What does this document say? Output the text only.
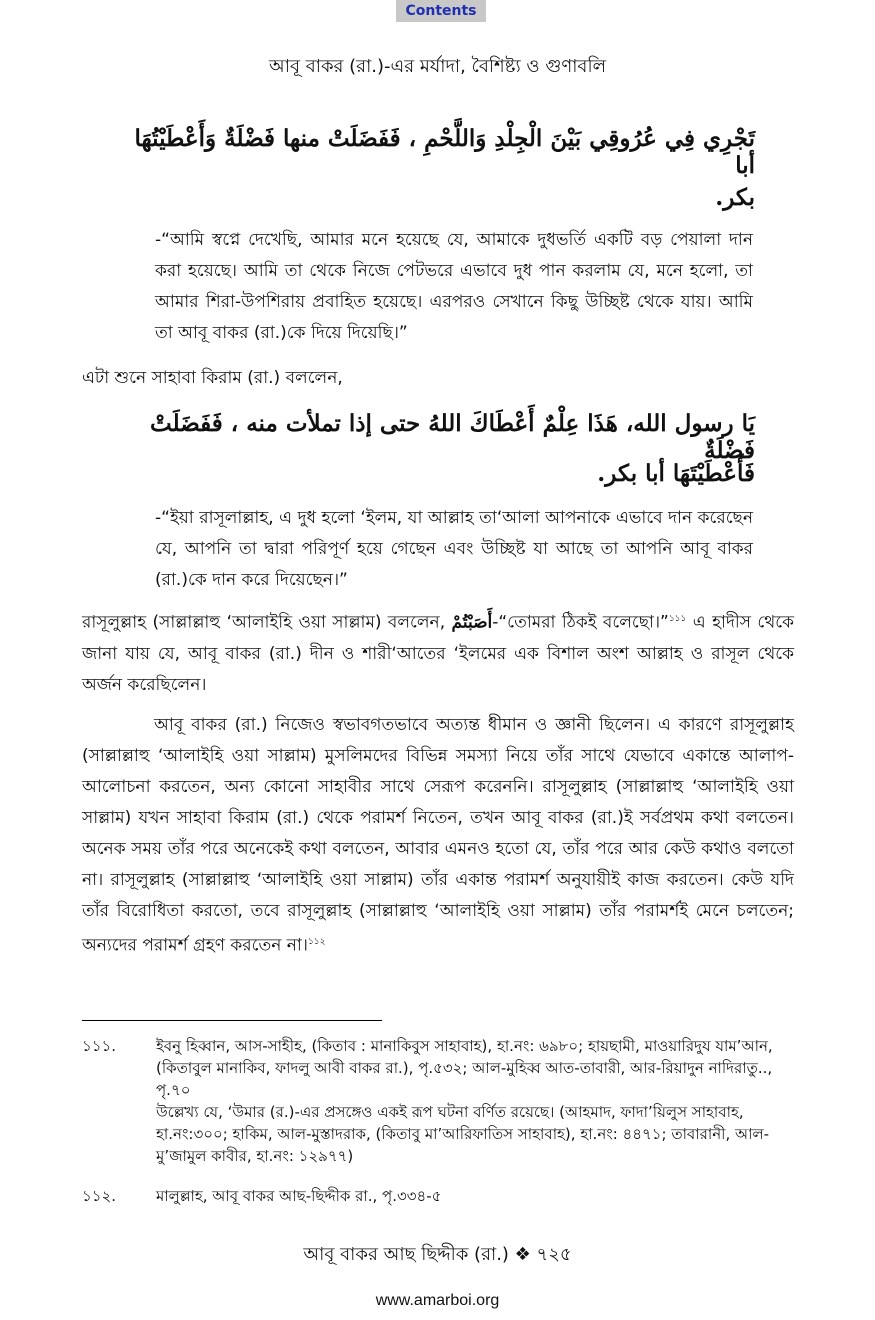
Contents
আবূ বাকর (রা.)-এর মর্যাদা, বৈশিষ্ট্য ও গুণাবলি
تَجْرِي فِي عُرُوقِي بَيْنَ الْجِلْدِ وَاللَّحْمِ ، فَفَضَلَتْ منها فَضْلَةٌ وَأَعْطَيْتُهَا أبا
بكر.

-“আমি স্বপ্নে দেখেছি, আমার মনে হয়েছে যে, আমাকে দুধভর্তি একটি বড় পেয়ালা দান করা হয়েছে। আমি তা থেকে নিজে পেটভরে এভাবে দুধ পান করলাম যে, মনে হলো, তা আমার শিরা-উপশিরায় প্রবাহিত হয়েছে। এরপরও সেখানে কিছু উচ্ছিষ্ট থেকে যায়। আমি তা আবূ বাকর (রা.)কে দিয়ে দিয়েছি।”

এটা শুনে সাহাবা কিরাম (রা.) বললেন,

يَا رسول الله، هَذَا عِلْمٌ أَعْطَاكَ اللهُ حتى إذا تملأت منه ، فَفَضَلَتْ فَضْلَةٌ
فَأَعْطَيْتَهَا أبا بكر.

-“ইয়া রাসূলাল্লাহ, এ দুধ হলো ‘ইলম, যা আল্লাহ তা‘আলা আপনাকে এভাবে দান করেছেন যে, আপনি তা দ্বারা পরিপূর্ণ হয়ে গেছেন এবং উচ্ছিষ্ট যা আছে তা আপনি আবূ বাকর (রা.)কে দান করে দিয়েছেন।”

রাসূলুল্লাহ (সাল্লাল্লাহু ‘আলাইহি ওয়া সাল্লাম) বললেন, أَصَبْتُمْ-“তোমরা ঠিকই বলেছো।”$^{১১১}$ এ হাদীস থেকে জানা যায় যে, আবূ বাকর (রা.) দীন ও শারী‘আতের ‘ইলমের এক বিশাল অংশ আল্লাহ ও রাসূল থেকে অর্জন করেছিলেন।

আবূ বাকর (রা.) নিজেও স্বভাবগতভাবে অত্যন্ত ধীমান ও জ্ঞানী ছিলেন। এ কারণে রাসূলুল্লাহ (সাল্লাল্লাহু ‘আলাইহি ওয়া সাল্লাম) মুসলিমদের বিভিন্ন সমস্যা নিয়ে তাঁর সাথে যেভাবে একান্তে আলাপ-আলোচনা করতেন, অন্য কোনো সাহাবীর সাথে সেরূপ করেননি। রাসূলুল্লাহ (সাল্লাল্লাহু ‘আলাইহি ওয়া সাল্লাম) যখন সাহাবা কিরাম (রা.) থেকে পরামর্শ নিতেন, তখন আবূ বাকর (রা.)ই সর্বপ্রথম কথা বলতেন। অনেক সময় তাঁর পরে অনেকেই কথা বলতেন, আবার এমনও হতো যে, তাঁর পরে আর কেউ কথাও বলতো না। রাসূলুল্লাহ (সাল্লাল্লাহু ‘আলাইহি ওয়া সাল্লাম) তাঁর একান্ত পরামর্শ অনুযায়ীই কাজ করতেন। কেউ যদি তাঁর বিরোধিতা করতো, তবে রাসূলুল্লাহ (সাল্লাল্লাহু ‘আলাইহি ওয়া সাল্লাম) তাঁর পরামর্শই মেনে চলতেন; অন্যদের পরামর্শ গ্রহণ করতেন না।$^{১১২}$

১১১.	ইবনু হিব্বান, আস-সাহীহ, (কিতাব : মানাকিবুস সাহাবাহ), হা.নং: ৬৯৮০; হায়ছামী, মাওয়ারিদুয যাম’আন, (কিতাবুল মানাকিব, ফাদলু আবী বাকর রা.), পৃ.৫৩২; আল-মুহিব্ব আত-তাবারী, আর-রিয়াদুন নাদিরাতু.., পৃ.৭০
উল্লেখ্য যে, ‘উমার (র.)-এর প্রসঙ্গেও একই রূপ ঘটনা বর্ণিত রয়েছে। (আহমাদ, ফাদা’য়িলুস সাহাবাহ, হা.নং:৩০০; হাকিম, আল-মুস্তাদরাক, (কিতাবু মা’আরিফাতিস সাহাবাহ), হা.নং: ৪৪৭১; তাবারানী, আল-মু’জামুল কাবীর, হা.নং: ১২৯৭৭)

১১২.	মালুল্লাহ, আবূ বাকর আছ-ছিদ্দীক রা., পৃ.৩৩৪-৫

আবূ বাকর আছ ছিদ্দীক (রা.) ❖ ৭২৫
www.amarboi.org
